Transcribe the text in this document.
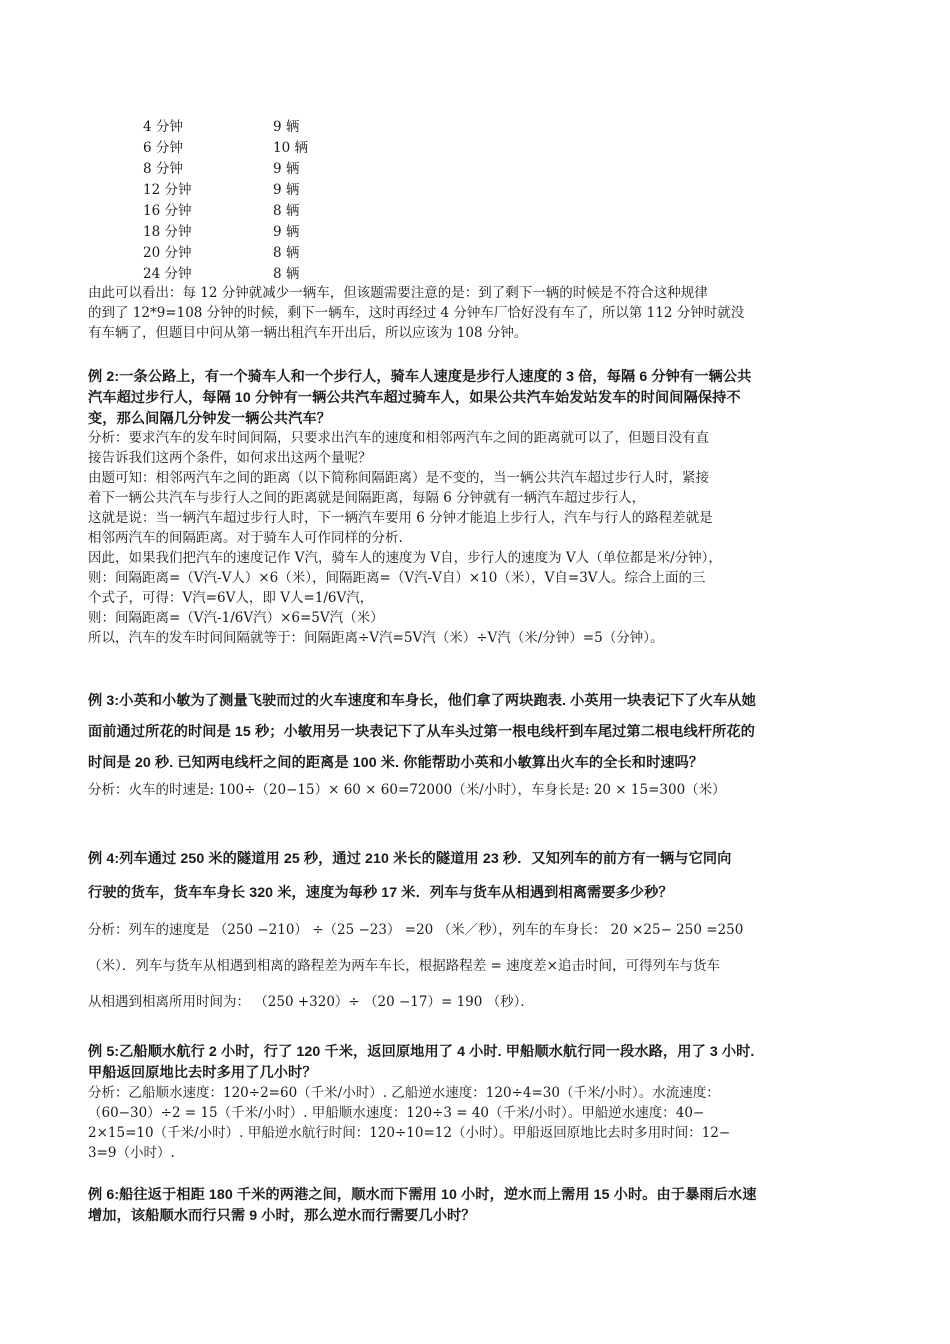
4 分钟	9 辆
6 分钟	10 辆
8 分钟	9 辆
12 分钟	9 辆
16 分钟	8 辆
18 分钟	9 辆
20 分钟	8 辆
24 分钟	8 辆

由此可以看出：每 12 分钟就减少一辆车，但该题需要注意的是：到了剩下一辆的时候是不符合这种规律

的到了 12*9=108 分钟的时候，剩下一辆车，这时再经过 4 分钟车厂恰好没有车了，所以第 112 分钟时就没

有车辆了，但题目中问从第一辆出租汽车开出后，所以应该为 108 分钟。

例 2:一条公路上，有一个骑车人和一个步行人，骑车人速度是步行人速度的 3 倍，每隔 6 分钟有一辆公共

汽车超过步行人，每隔 10 分钟有一辆公共汽车超过骑车人，如果公共汽车始发站发车的时间间隔保持不

变，那么间隔几分钟发一辆公共汽车？

分析：要求汽车的发车时间间隔，只要求出汽车的速度和相邻两汽车之间的距离就可以了，但题目没有直

接告诉我们这两个条件，如何求出这两个量呢？

由题可知：相邻两汽车之间的距离（以下简称间隔距离）是不变的，当一辆公共汽车超过步行人时，紧接

着下一辆公共汽车与步行人之间的距离就是间隔距离，每隔 6 分钟就有一辆汽车超过步行人，

这就是说：当一辆汽车超过步行人时，下一辆汽车要用 6 分钟才能追上步行人，汽车与行人的路程差就是

相邻两汽车的间隔距离。对于骑车人可作同样的分析.

因此，如果我们把汽车的速度记作 V汽，骑车人的速度为 V自，步行人的速度为 V人（单位都是米/分钟），

则：间隔距离=（V汽-V人）×6（米），间隔距离=（V汽-V自）×10（米），V自=3V人。综合上面的三

个式子，可得：V汽=6V人，即 V人=1/6V汽，

则：间隔距离=（V汽-1/6V汽）×6=5V汽（米）

所以，汽车的发车时间间隔就等于：间隔距离÷V汽=5V汽（米）÷V汽（米/分钟）=5（分钟）。

例 3:小英和小敏为了测量飞驶而过的火车速度和车身长，他们拿了两块跑表. 小英用一块表记下了火车从她

面前通过所花的时间是 15 秒；小敏用另一块表记下了从车头过第一根电线杆到车尾过第二根电线杆所花的

时间是 20 秒. 已知两电线杆之间的距离是 100 米. 你能帮助小英和小敏算出火车的全长和时速吗？

分析：火车的时速是: 100÷（20−15）× 60 × 60=72000（米/小时），车身长是: 20 × 15=300（米）

例 4:列车通过 250 米的隧道用 25 秒，通过 210 米长的隧道用 23 秒．又知列车的前方有一辆与它同向

行驶的货车，货车车身长 320 米，速度为每秒 17 米．列车与货车从相遇到相离需要多少秒？

分析：列车的速度是 （250 −210） ÷（25 −23） =20 （米／秒），列车的车身长： 20 ×25− 250 =250

（米）．列车与货车从相遇到相离的路程差为两车车长，根据路程差 = 速度差×追击时间，可得列车与货车

从相遇到相离所用时间为： （250 +320）÷ （20 −17）= 190 （秒）．

例 5:乙船顺水航行 2 小时，行了 120 千米，返回原地用了 4 小时. 甲船顺水航行同一段水路，用了 3 小时.

甲船返回原地比去时多用了几小时？

分析：乙船顺水速度：120÷2=60（千米/小时）. 乙船逆水速度：120÷4=30（千米/小时）。水流速度：

（60−30）÷2 = 15（千米/小时）. 甲船顺水速度：120÷3 = 40（千米/小时）。甲船逆水速度：40−

2×15=10（千米/小时）. 甲船逆水航行时间：120÷10=12（小时）。甲船返回原地比去时多用时间：12−

3=9（小时）.

例 6:船往返于相距 180 千米的两港之间，顺水而下需用 10 小时，逆水而上需用 15 小时。由于暴雨后水速

增加，该船顺水而行只需 9 小时，那么逆水而行需要几小时？
